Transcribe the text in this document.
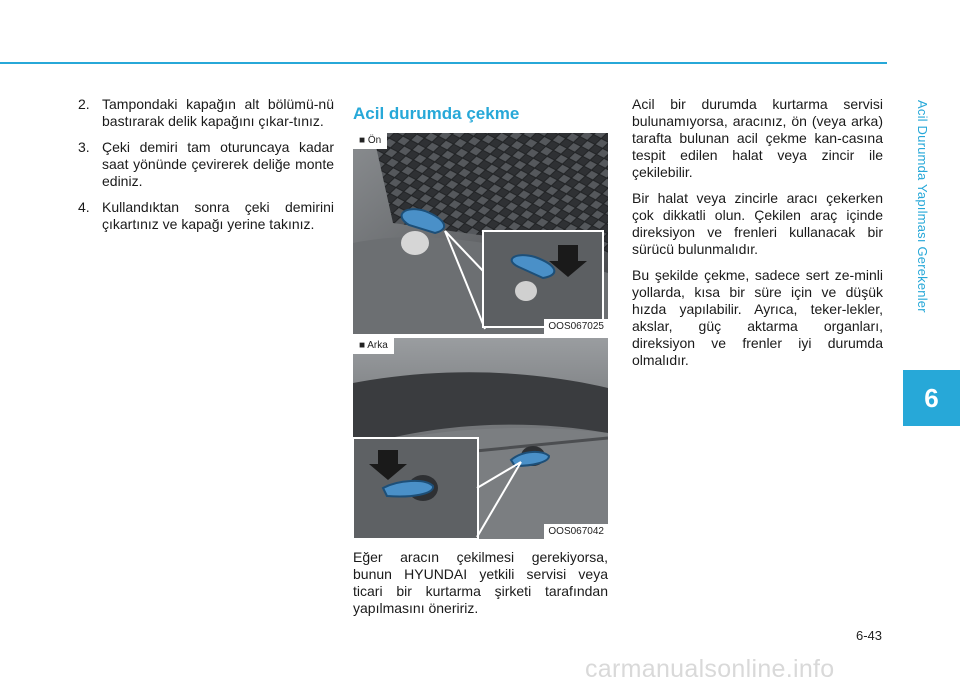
Acil Durumda Yapılması Gerekenler
6
2. Tampondaki kapağın alt bölümü-nü bastırarak delik kapağını çıkar-tınız.
3. Çeki demiri tam oturuncaya kadar saat yönünde çevirerek deliğe monte ediniz.
4. Kullandıktan sonra çeki demirini çıkartınız ve kapağı yerine takınız.
Acil durumda çekme
■ Ön
OOS067025
■ Arka
OOS067042

Eğer aracın çekilmesi gerekiyorsa, bunun HYUNDAI yetkili servisi veya ticari bir kurtarma şirketi tarafından yapılmasını öneririz.

Acil bir durumda kurtarma servisi bulunamıyorsa, aracınız, ön (veya arka) tarafta bulunan acil çekme kan-casına tespit edilen halat veya zincir ile çekilebilir.

Bir halat veya zincirle aracı çekerken çok dikkatli olun. Çekilen araç içinde direksiyon ve frenleri kullanacak bir sürücü bulunmalıdır.

Bu şekilde çekme, sadece sert ze-minli yollarda, kısa bir süre için ve düşük hızda yapılabilir. Ayrıca, teker-lekler, akslar, güç aktarma organları, direksiyon ve frenler iyi durumda olmalıdır.

6-43
carmanualsonline.info
